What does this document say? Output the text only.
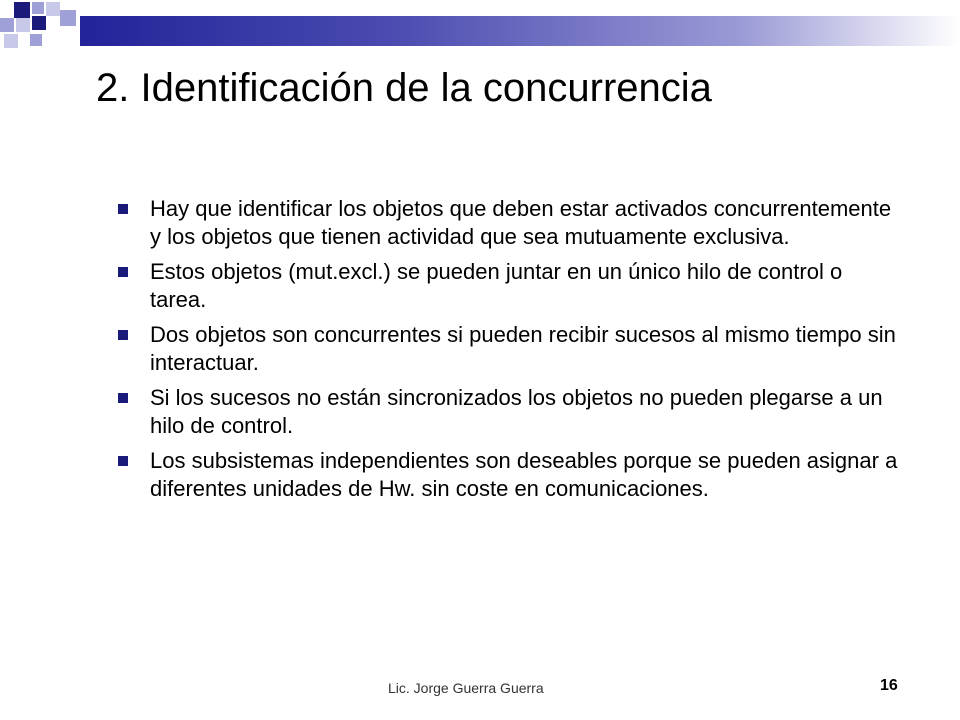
2. Identificación de la concurrencia
Hay que identificar los objetos que deben estar activados concurrentemente y los objetos que tienen actividad que sea mutuamente exclusiva.
Estos objetos (mut.excl.) se pueden juntar en un único hilo de control o tarea.
Dos objetos son concurrentes si pueden recibir sucesos al mismo tiempo sin interactuar.
Si los sucesos no están sincronizados los objetos no pueden plegarse a un hilo de control.
Los subsistemas independientes son deseables porque se pueden asignar a diferentes unidades de Hw. sin coste en comunicaciones.
Lic. Jorge Guerra Guerra	16
